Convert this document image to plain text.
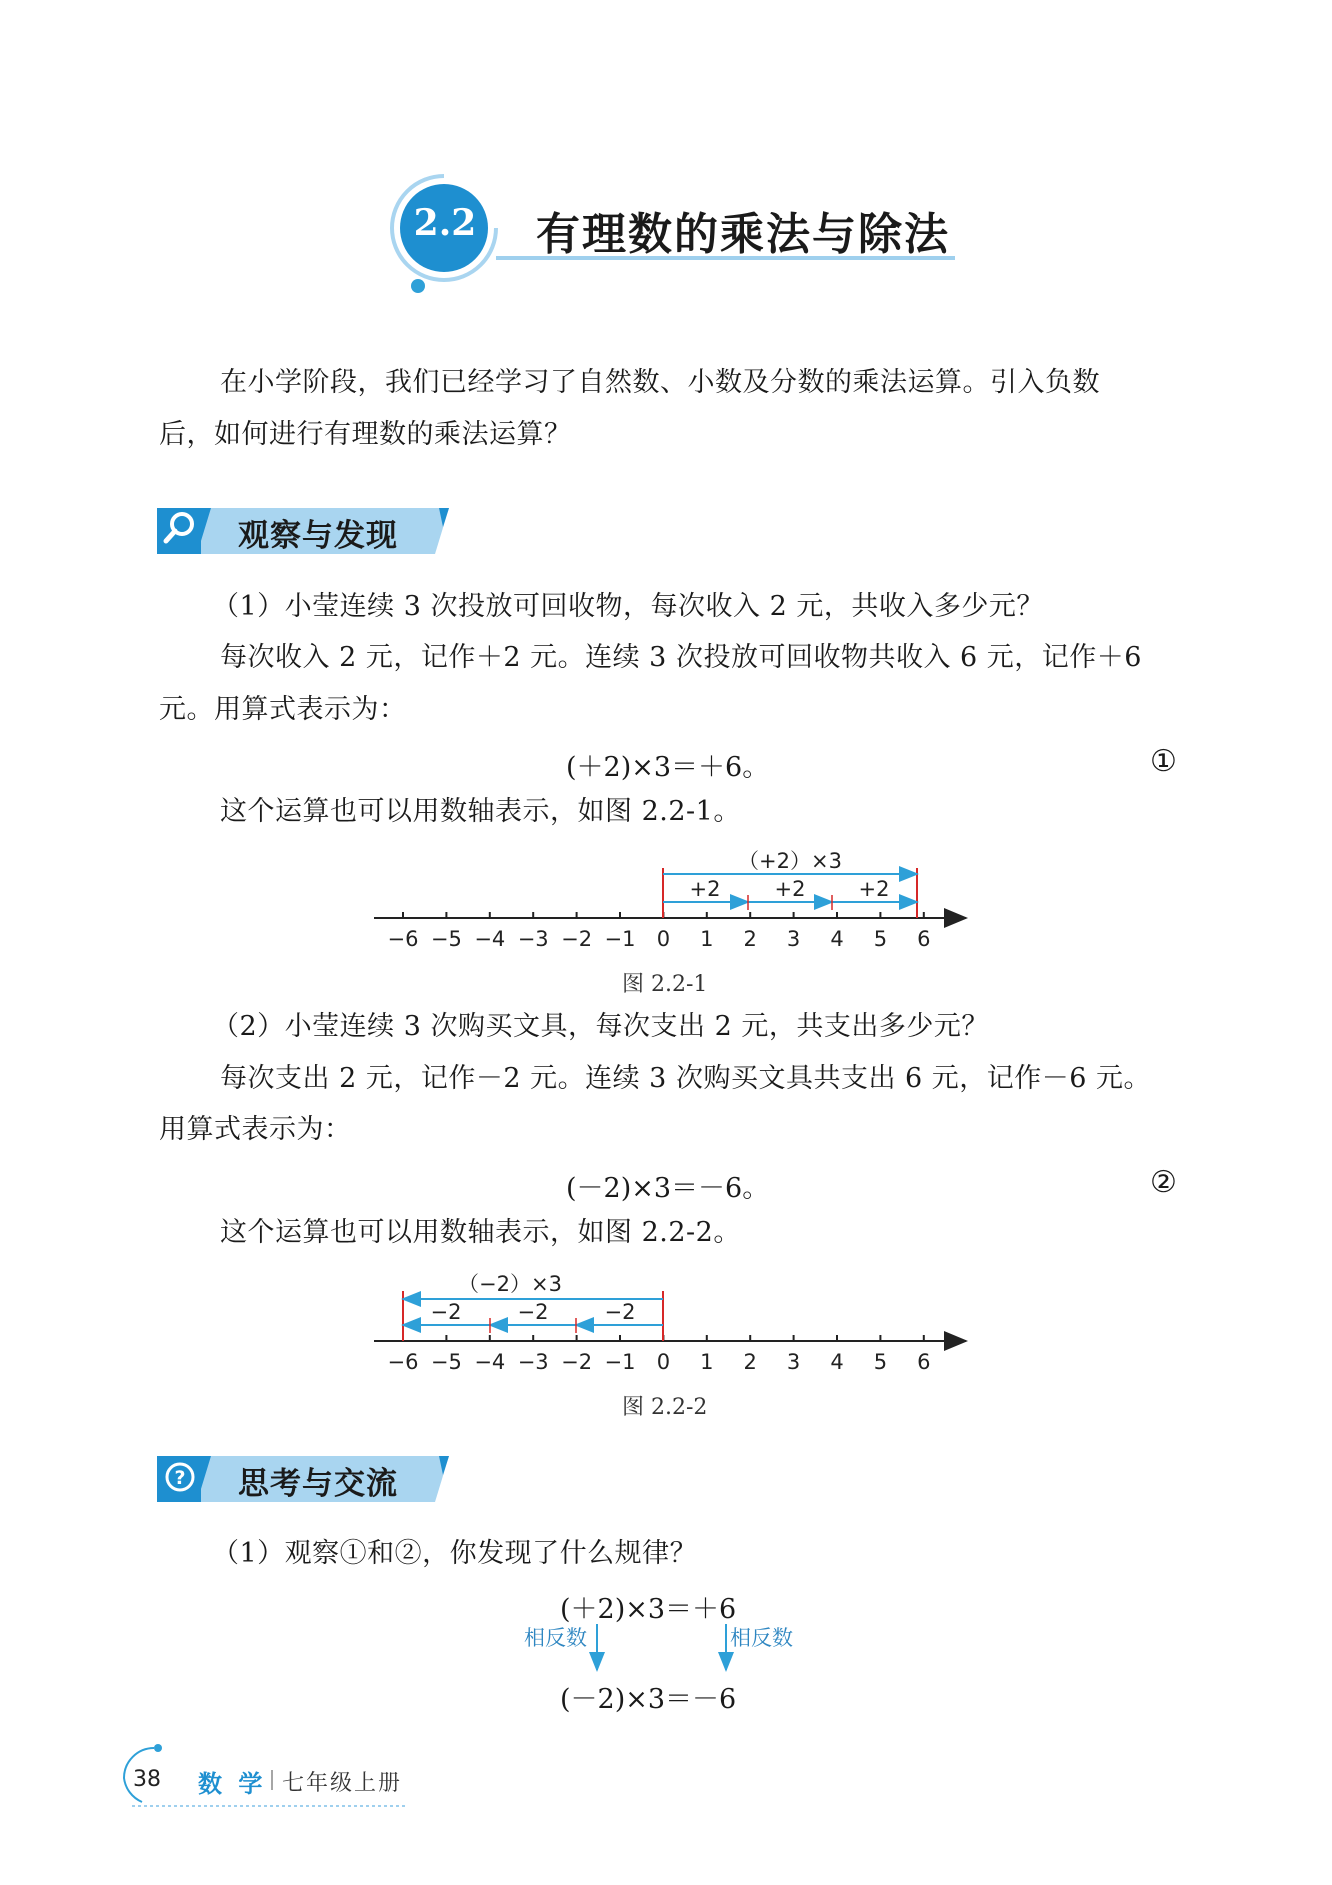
2.2	有理数的乘法与除法
在小学阶段，我们已经学习了自然数、小数及分数的乘法运算。引入负数
后，如何进行有理数的乘法运算？
观察与发现
（1）小莹连续 3 次投放可回收物，每次收入 2 元，共收入多少元？
每次收入 2 元，记作＋2 元。连续 3 次投放可回收物共收入 6 元，记作＋6
元。用算式表示为：
(＋2)×3＝＋6。	①
这个运算也可以用数轴表示，如图 2.2-1。
−6 −5 −4 −3 −2 −1 0 1 2 3 4 5 6
（+2）×3
+2	+2	+2
图 2.2-1
（2）小莹连续 3 次购买文具，每次支出 2 元，共支出多少元？
每次支出 2 元，记作－2 元。连续 3 次购买文具共支出 6 元，记作－6 元。
用算式表示为：
(－2)×3＝－6。	②
这个运算也可以用数轴表示，如图 2.2-2。
−6 −5 −4 −3 −2 −1 0 1 2 3 4 5 6
（−2）×3
−2	−2	−2
图 2.2-2
? 思考与交流
（1）观察①和②，你发现了什么规律？
(＋2)×3＝＋6
相反数	相反数
(－2)×3＝－6
38 数 学 七年级上册
